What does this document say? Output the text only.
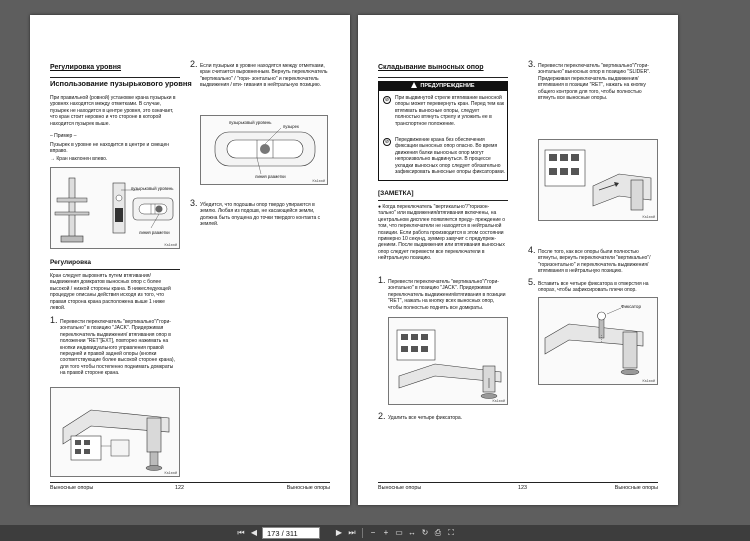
Регулировка уровня
Использование пузырькового уровня
При правильной (ровной) установке крана пузырьки в уровнях находятся между отметками. В случае, пузырек не находится в центре уровня, это означает, что кран стоит неровно и что стороне в которой находится пузырек выше.
– Пример –
Пузырек в уровне не находится в центре и смещен вправо.
→ Кран наклонен влево.
пузырьковый уровень
линия разметки
Ks1xxdf
Регулировка
Кран следует выровнять путем втягивания/ выдвижения домкратов выносных опор с более высокой / низкой стороны крана. В нижеследующей процедуре описаны действия исходя из того, что правая сторона крана расположена выше 1 ниже левой.
1. Перевести переключатель "вертикально"/"гори- зонтально" в позицию "JACK". Придерживая переключатель выдвижения/ втягивания опор в положении "RET"[EXT], повторно нажимать на кнопки индивидуального управления правой передней и правой задней опоры (кнопки соответствующие более высокой стороне крана), для того чтобы постепенно поднимать домкраты на правой стороне крана.
Ks1xxdf
2. Если пузырьки в уровне находятся между отметками, кран считается выровненным. Вернуть переключатель "вертикально" / "гори- зонтально" и переключатель выдвижения / вти- гивания в нейтральную позицию.
пузырьковый уровень
пузырек
линия разметки
Ks1xxdf
3. Убедится, что подошвы опор твердо упираются в землю. Любая из подошв, не касающейся земли, должна быть опущена до точки твердого контакта с землей.
Выносные опоры	122	Выносные опоры
Складывание выносных опор
ПРЕДУПРЕЖДЕНИЕ
⊘	При выдвинутой стреле втягивание выносной опоры может перевернуть кран. Перед тем как втягивать выносные опоры, следует полностью втянуть стрелу и уложить ее в транспортное положение.
⊘	Передвижение крана без обеспечения фиксации выносных опор опасно. Во время движения балки выносных опор могут непроизвольно выдвинуться. В процессе укладки выносных опор следует обязательно зафиксировать выносные опоры фиксаторами.
[ЗАМЕТКА]
● Когда переключатель "вертикально"/"горизон- тально" или выдвижения/втягивания включены, на центральном дисплее появляется преду- преждение о том, что переключатели не находятся в нейтральной позиции. Если работа производится в этом состоянии примерно 10 секунд, зуммер завучит с предупреж- дением. После выдвижения или втягивания выносных опор следует перевести все переключатели в нейтральную позицию.
1. Перевести переключатель "вертикально"/"гори- зонтально" в позицию "JACK". Придерживая переключатель выдвижения/втягивания в позиции "RET", нажать на кнопку всех выносных опор, чтобы полностью поднять все домкраты.
Ks1xxdf
2. Удалить все четыре фиксатора.
3. Перевести переключатель "вертикально"/"гори- зонтально" выносных опор в позицию "SLIDER". Придерживая переключатель выдвижения/ втягивания в позиции "RET", нажать на кнопку общего контроля для того, чтобы полностью втянуть все выносные опоры.
Ks1xxdf
4. После того, как все опоры были полностью втянуты, вернуть переключатели "вертикально"/ "горизонтально" и переключатель выдвижения/ втягивания в нейтральную позицию.
5. Вставить все четыре фиксатора в отверстия на опорах, чтобы зафиксировать плечи опор.
Фиксатор
Ks1xxdf
Выносные опоры	123	Выносные опоры
⏮ ◀	173 / 311	▶ ⏭	−	+ ▭ ↔ ↻ ⎙ ⛶
